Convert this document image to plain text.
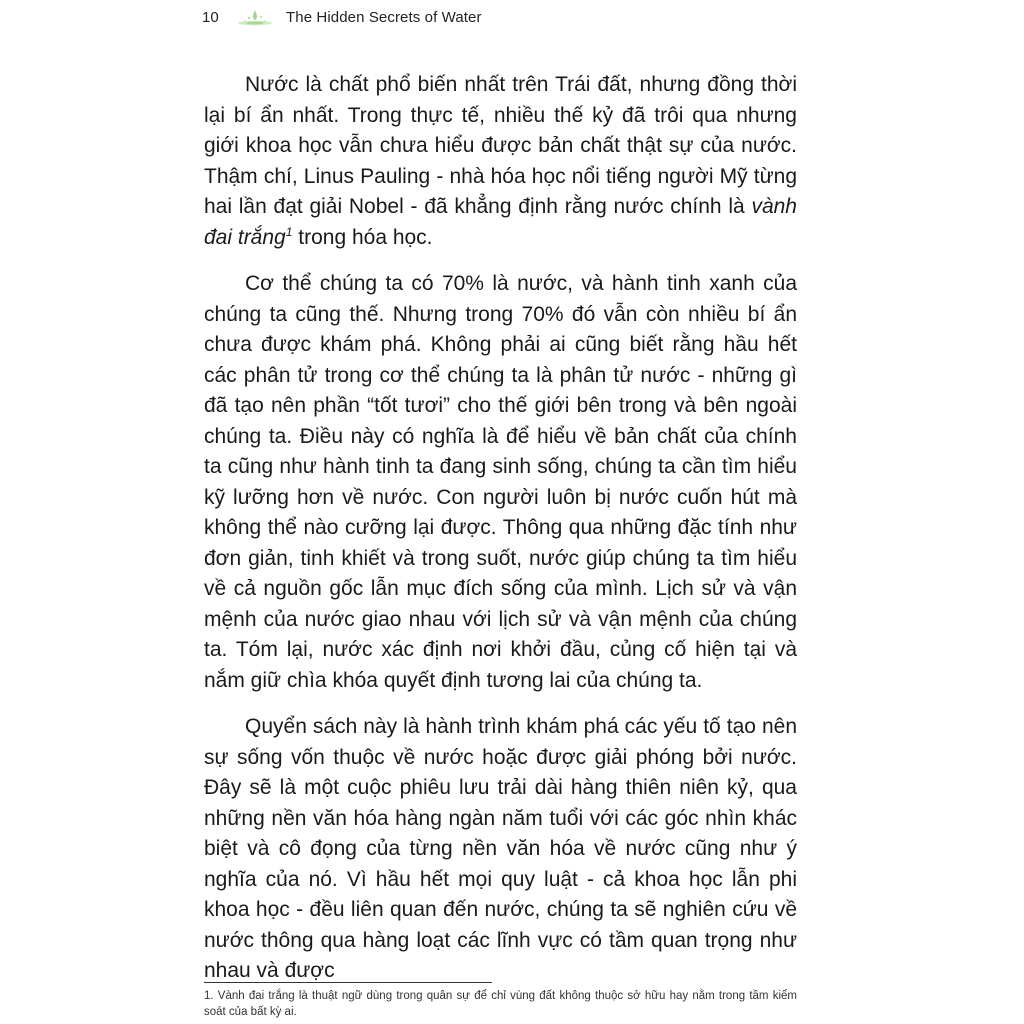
10	The Hidden Secrets of Water

Nước là chất phổ biến nhất trên Trái đất, nhưng đồng thời lại bí ẩn nhất. Trong thực tế, nhiều thế kỷ đã trôi qua nhưng giới khoa học vẫn chưa hiểu được bản chất thật sự của nước. Thậm chí, Linus Pauling - nhà hóa học nổi tiếng người Mỹ từng hai lần đạt giải Nobel - đã khẳng định rằng nước chính là vành đai trắng$^1$ trong hóa học.

Cơ thể chúng ta có 70% là nước, và hành tinh xanh của chúng ta cũng thế. Nhưng trong 70% đó vẫn còn nhiều bí ẩn chưa được khám phá. Không phải ai cũng biết rằng hầu hết các phân tử trong cơ thể chúng ta là phân tử nước - những gì đã tạo nên phần “tốt tươi” cho thế giới bên trong và bên ngoài chúng ta. Điều này có nghĩa là để hiểu về bản chất của chính ta cũng như hành tinh ta đang sinh sống, chúng ta cần tìm hiểu kỹ lưỡng hơn về nước. Con người luôn bị nước cuốn hút mà không thể nào cưỡng lại được. Thông qua những đặc tính như đơn giản, tinh khiết và trong suốt, nước giúp chúng ta tìm hiểu về cả nguồn gốc lẫn mục đích sống của mình. Lịch sử và vận mệnh của nước giao nhau với lịch sử và vận mệnh của chúng ta. Tóm lại, nước xác định nơi khởi đầu, củng cố hiện tại và nắm giữ chìa khóa quyết định tương lai của chúng ta.

Quyển sách này là hành trình khám phá các yếu tố tạo nên sự sống vốn thuộc về nước hoặc được giải phóng bởi nước. Đây sẽ là một cuộc phiêu lưu trải dài hàng thiên niên kỷ, qua những nền văn hóa hàng ngàn năm tuổi với các góc nhìn khác biệt và cô đọng của từng nền văn hóa về nước cũng như ý nghĩa của nó. Vì hầu hết mọi quy luật - cả khoa học lẫn phi khoa học - đều liên quan đến nước, chúng ta sẽ nghiên cứu về nước thông qua hàng loạt các lĩnh vực có tầm quan trọng như nhau và được

1. Vành đai trắng là thuật ngữ dùng trong quân sự để chỉ vùng đất không thuộc sở hữu hay nằm trong tầm kiểm soát của bất kỳ ai.
